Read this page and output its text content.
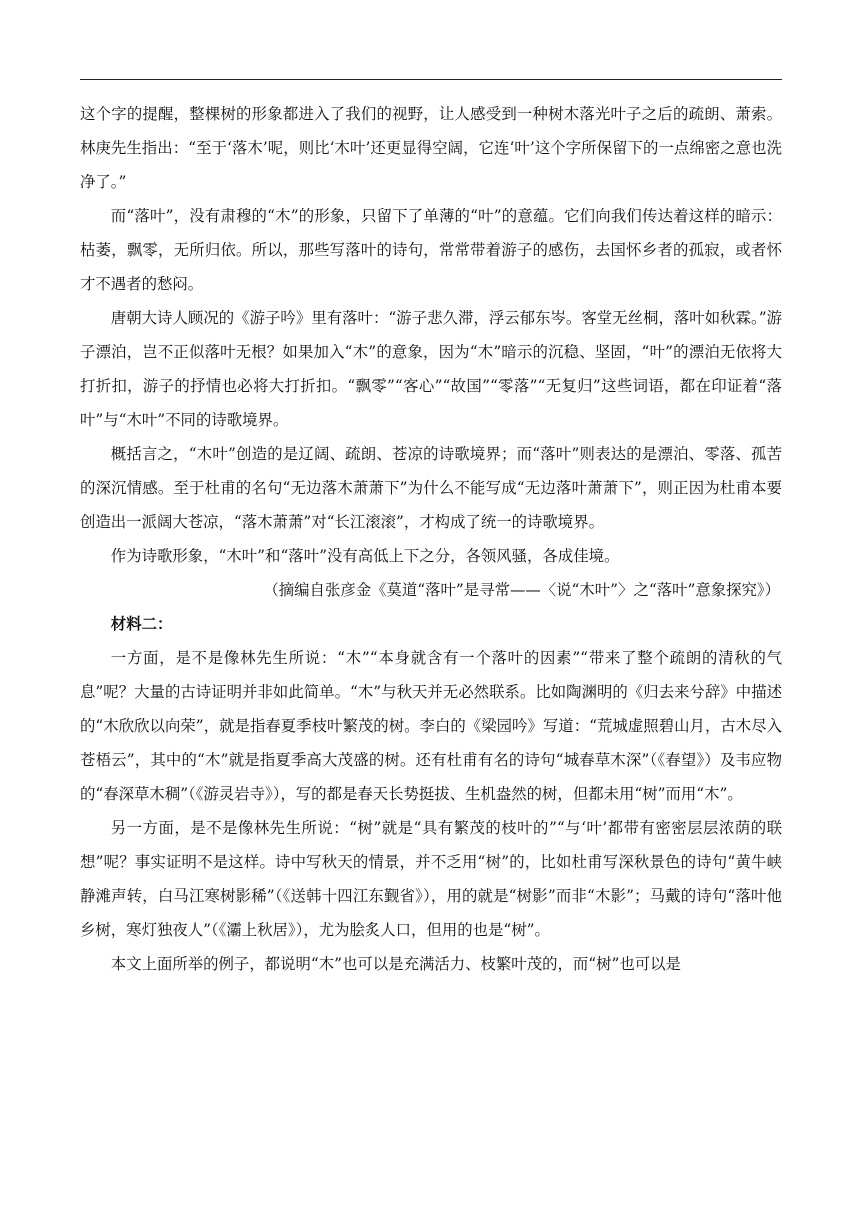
这个字的提醒，整棵树的形象都进入了我们的视野，让人感受到一种树木落光叶子之后的疏朗、萧索。林庚先生指出：“至于‘落木’呢，则比‘木叶’还更显得空阔，它连‘叶’这个字所保留下的一点绵密之意也洗净了。”

而“落叶”，没有肃穆的“木”的形象，只留下了单薄的“叶”的意蕴。它们向我们传达着这样的暗示：枯萎，飘零，无所归依。所以，那些写落叶的诗句，常常带着游子的感伤，去国怀乡者的孤寂，或者怀才不遇者的愁闷。

唐朝大诗人顾况的《游子吟》里有落叶：“游子悲久滞，浮云郁东岑。客堂无丝桐，落叶如秋霖。”游子漂泊，岂不正似落叶无根？如果加入“木”的意象，因为“木”暗示的沉稳、坚固，“叶”的漂泊无依将大打折扣，游子的抒情也必将大打折扣。“飘零”“客心”“故国”“零落”“无复归”这些词语，都在印证着“落叶”与“木叶”不同的诗歌境界。

概括言之，“木叶”创造的是辽阔、疏朗、苍凉的诗歌境界；而“落叶”则表达的是漂泊、零落、孤苦的深沉情感。至于杜甫的名句“无边落木萧萧下”为什么不能写成“无边落叶萧萧下”，则正因为杜甫本要创造出一派阔大苍凉，“落木萧萧”对“长江滚滚”，才构成了统一的诗歌境界。

作为诗歌形象，“木叶”和“落叶”没有高低上下之分，各领风骚，各成佳境。

（摘编自张彦金《莫道“落叶”是寻常——〈说“木叶”〉之“落叶”意象探究》）

材料二：

一方面，是不是像林先生所说：“木”“本身就含有一个落叶的因素”“带来了整个疏朗的清秋的气息”呢？大量的古诗证明并非如此简单。“木”与秋天并无必然联系。比如陶渊明的《归去来兮辞》中描述的“木欣欣以向荣”，就是指春夏季枝叶繁茂的树。李白的《梁园吟》写道：“荒城虚照碧山月，古木尽入苍梧云”，其中的“木”就是指夏季高大茂盛的树。还有杜甫有名的诗句“城春草木深”（《春望》）及韦应物的“春深草木稠”（《游灵岩寺》），写的都是春天长势挺拔、生机盎然的树，但都未用“树”而用“木”。

另一方面，是不是像林先生所说：“树”就是“具有繁茂的枝叶的”“与‘叶’都带有密密层层浓荫的联想”呢？事实证明不是这样。诗中写秋天的情景，并不乏用“树”的，比如杜甫写深秋景色的诗句“黄牛峡静滩声转，白马江寒树影稀”（《送韩十四江东觐省》），用的就是“树影”而非“木影”；马戴的诗句“落叶他乡树，寒灯独夜人”（《灞上秋居》），尤为脍炙人口，但用的也是“树”。

本文上面所举的例子，都说明“木”也可以是充满活力、枝繁叶茂的，而“树”也可以是
